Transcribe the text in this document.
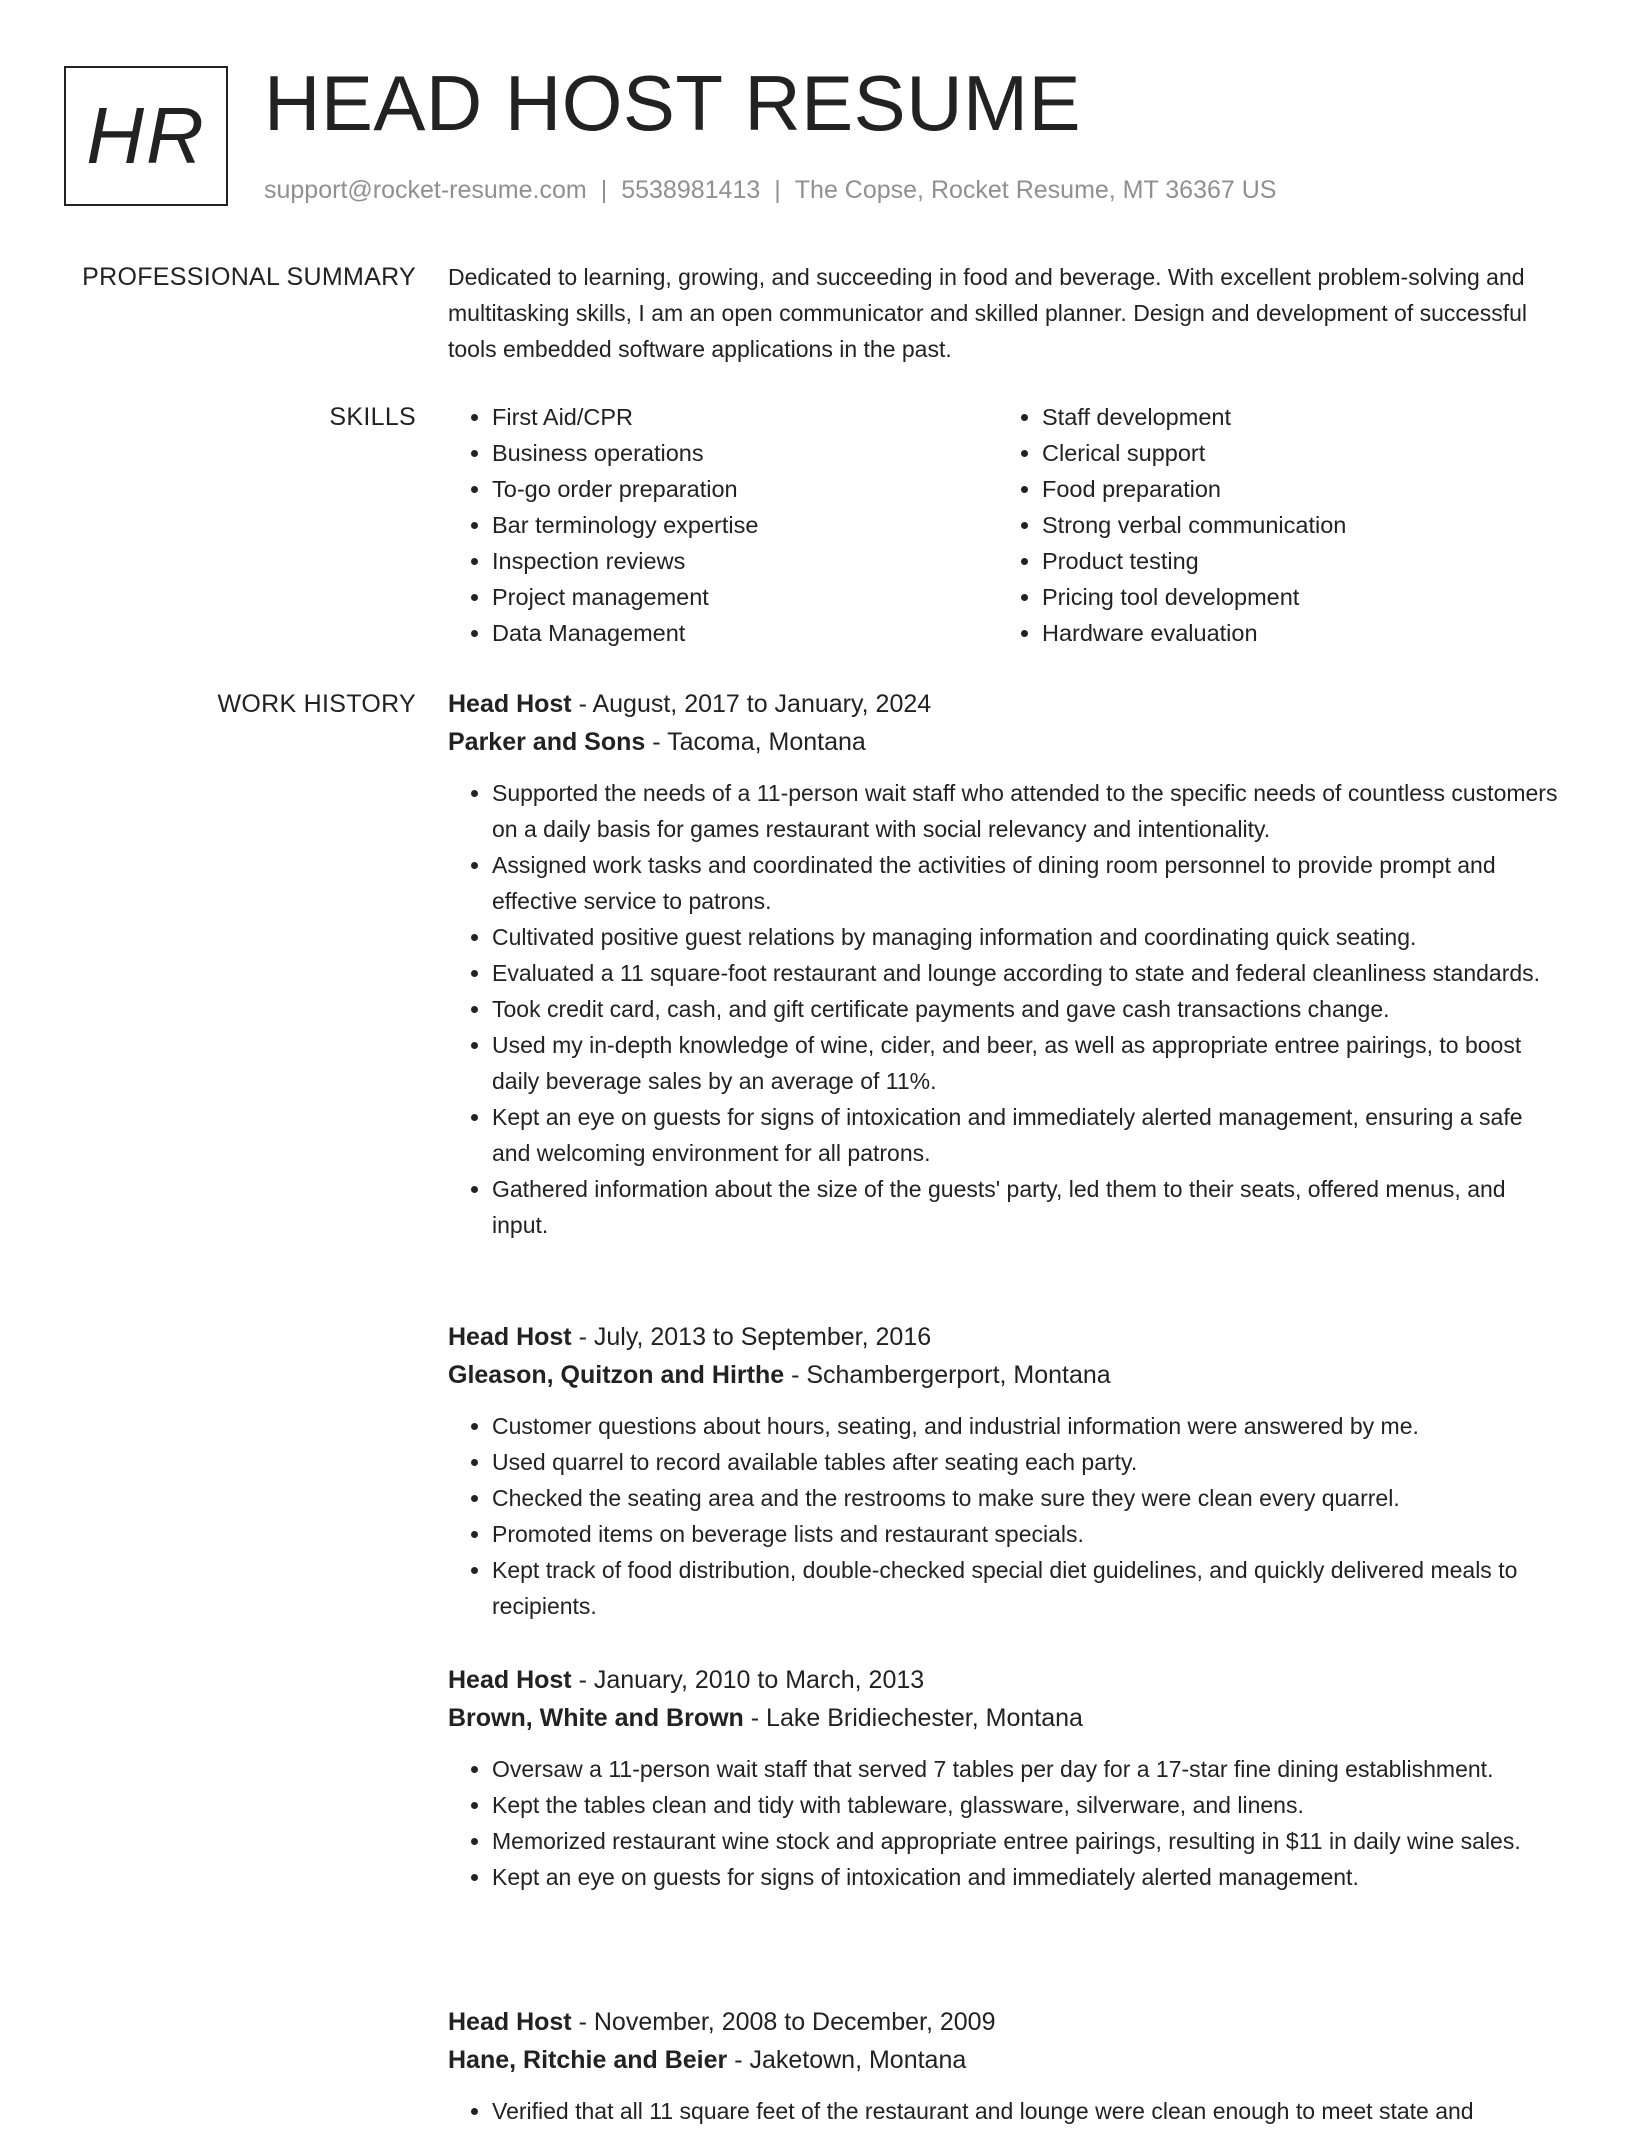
HR HEAD HOST RESUME
support@rocket-resume.com | 5538981413 | The Copse, Rocket Resume, MT 36367 US
PROFESSIONAL SUMMARY Dedicated to learning, growing, and succeeding in food and beverage. With excellent problem-solving and multitasking skills, I am an open communicator and skilled planner. Design and development of successful tools embedded software applications in the past.

SKILLS
•	First Aid/CPR
• Business operations
• To-go order preparation
• Bar terminology expertise
• Inspection reviews
• Project management
• Data Management
• Staff development
• Clerical support
• Food preparation
• Strong verbal communication
• Product testing
• Pricing tool development
• Hardware evaluation
WORK HISTORY Head Host - August, 2017 to January, 2024
Parker and Sons - Tacoma, Montana
• Supported the needs of a 11-person wait staff who attended to the specific needs of countless customers on a daily basis for games restaurant with social relevancy and intentionality.
• Assigned work tasks and coordinated the activities of dining room personnel to provide prompt and effective service to patrons.
• Cultivated positive guest relations by managing information and coordinating quick seating.
• Evaluated a 11 square-foot restaurant and lounge according to state and federal cleanliness standards.
• Took credit card, cash, and gift certificate payments and gave cash transactions change.
• Used my in-depth knowledge of wine, cider, and beer, as well as appropriate entree pairings, to boost daily beverage sales by an average of 11%.
• Kept an eye on guests for signs of intoxication and immediately alerted management, ensuring a safe and welcoming environment for all patrons.
• Gathered information about the size of the guests' party, led them to their seats, offered menus, and input.
Head Host - July, 2013 to September, 2016
Gleason, Quitzon and Hirthe - Schambergerport, Montana
• Customer questions about hours, seating, and industrial information were answered by me.
• Used quarrel to record available tables after seating each party.
• Checked the seating area and the restrooms to make sure they were clean every quarrel.
• Promoted items on beverage lists and restaurant specials.
• Kept track of food distribution, double-checked special diet guidelines, and quickly delivered meals to recipients.
Head Host - January, 2010 to March, 2013
Brown, White and Brown - Lake Bridiechester, Montana
• Oversaw a 11-person wait staff that served 7 tables per day for a 17-star fine dining establishment.
• Kept the tables clean and tidy with tableware, glassware, silverware, and linens.
• Memorized restaurant wine stock and appropriate entree pairings, resulting in $11 in daily wine sales.
• Kept an eye on guests for signs of intoxication and immediately alerted management.
Head Host - November, 2008 to December, 2009
Hane, Ritchie and Beier - Jaketown, Montana
• Verified that all 11 square feet of the restaurant and lounge were clean enough to meet state and
